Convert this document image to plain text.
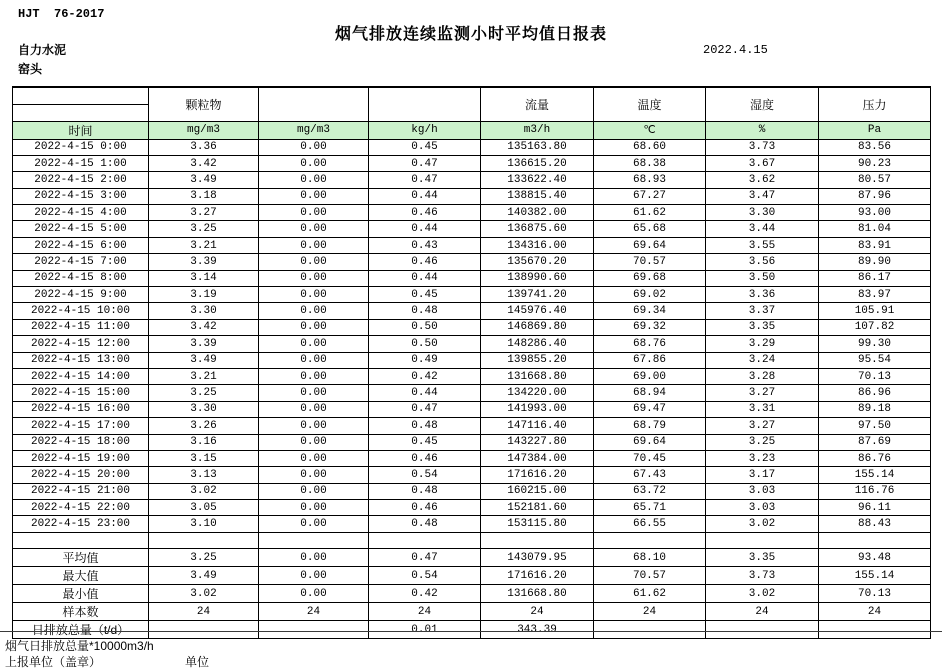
HJT  76-2017
烟气排放连续监测小时平均值日报表
自力水泥
窑头
2022.4.15
	颗粒物			流量	温度	湿度	压力

时间	mg/m3	mg/m3	kg/h	m3/h	℃	%	Pa
2022-4-15 0:00	3.36	0.00	0.45	135163.80	68.60	3.73	83.56
2022-4-15 1:00	3.42	0.00	0.47	136615.20	68.38	3.67	90.23
2022-4-15 2:00	3.49	0.00	0.47	133622.40	68.93	3.62	80.57
2022-4-15 3:00	3.18	0.00	0.44	138815.40	67.27	3.47	87.96
2022-4-15 4:00	3.27	0.00	0.46	140382.00	61.62	3.30	93.00
2022-4-15 5:00	3.25	0.00	0.44	136875.60	65.68	3.44	81.04
2022-4-15 6:00	3.21	0.00	0.43	134316.00	69.64	3.55	83.91
2022-4-15 7:00	3.39	0.00	0.46	135670.20	70.57	3.56	89.90
2022-4-15 8:00	3.14	0.00	0.44	138990.60	69.68	3.50	86.17
2022-4-15 9:00	3.19	0.00	0.45	139741.20	69.02	3.36	83.97
2022-4-15 10:00	3.30	0.00	0.48	145976.40	69.34	3.37	105.91
2022-4-15 11:00	3.42	0.00	0.50	146869.80	69.32	3.35	107.82
2022-4-15 12:00	3.39	0.00	0.50	148286.40	68.76	3.29	99.30
2022-4-15 13:00	3.49	0.00	0.49	139855.20	67.86	3.24	95.54
2022-4-15 14:00	3.21	0.00	0.42	131668.80	69.00	3.28	70.13
2022-4-15 15:00	3.25	0.00	0.44	134220.00	68.94	3.27	86.96
2022-4-15 16:00	3.30	0.00	0.47	141993.00	69.47	3.31	89.18
2022-4-15 17:00	3.26	0.00	0.48	147116.40	68.79	3.27	97.50
2022-4-15 18:00	3.16	0.00	0.45	143227.80	69.64	3.25	87.69
2022-4-15 19:00	3.15	0.00	0.46	147384.00	70.45	3.23	86.76
2022-4-15 20:00	3.13	0.00	0.54	171616.20	67.43	3.17	155.14
2022-4-15 21:00	3.02	0.00	0.48	160215.00	63.72	3.03	116.76
2022-4-15 22:00	3.05	0.00	0.46	152181.60	65.71	3.03	96.11
2022-4-15 23:00	3.10	0.00	0.48	153115.80	66.55	3.02	88.43

平均值	3.25	0.00	0.47	143079.95	68.10	3.35	93.48
最大值	3.49	0.00	0.54	171616.20	70.57	3.73	155.14
最小值	3.02	0.00	0.42	131668.80	61.62	3.02	70.13
样本数	24	24	24	24	24	24	24
日排放总量（t/d）			0.01	343.39			
烟气日排放总量*10000m3/h
上报单位（盖章）	单位
